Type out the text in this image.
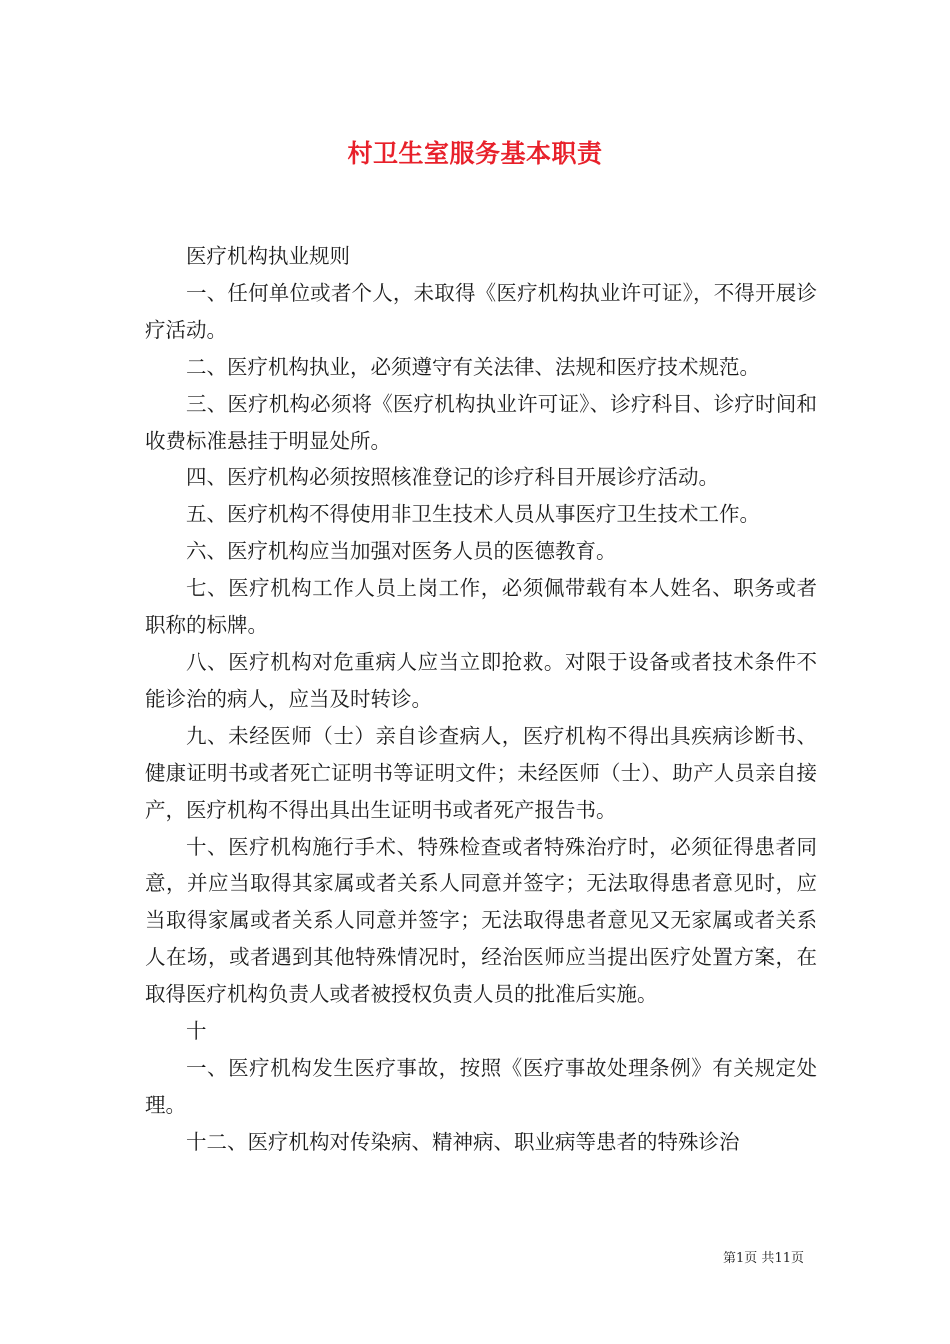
村卫生室服务基本职责

医疗机构执业规则

一、任何单位或者个人，未取得《医疗机构执业许可证》，不得开展诊疗活动。

二、医疗机构执业，必须遵守有关法律、法规和医疗技术规范。

三、医疗机构必须将《医疗机构执业许可证》、诊疗科目、诊疗时间和收费标准悬挂于明显处所。

四、医疗机构必须按照核准登记的诊疗科目开展诊疗活动。

五、医疗机构不得使用非卫生技术人员从事医疗卫生技术工作。

六、医疗机构应当加强对医务人员的医德教育。

七、医疗机构工作人员上岗工作，必须佩带载有本人姓名、职务或者职称的标牌。

八、医疗机构对危重病人应当立即抢救。对限于设备或者技术条件不能诊治的病人，应当及时转诊。

九、未经医师（士）亲自诊查病人，医疗机构不得出具疾病诊断书、健康证明书或者死亡证明书等证明文件；未经医师（士）、助产人员亲自接产，医疗机构不得出具出生证明书或者死产报告书。

十、医疗机构施行手术、特殊检查或者特殊治疗时，必须征得患者同意，并应当取得其家属或者关系人同意并签字；无法取得患者意见时，应当取得家属或者关系人同意并签字；无法取得患者意见又无家属或者关系人在场，或者遇到其他特殊情况时，经治医师应当提出医疗处置方案，在取得医疗机构负责人或者被授权负责人员的批准后实施。

十

一、医疗机构发生医疗事故，按照《医疗事故处理条例》有关规定处理。

十二、医疗机构对传染病、精神病、职业病等患者的特殊诊治

第1页 共11页
